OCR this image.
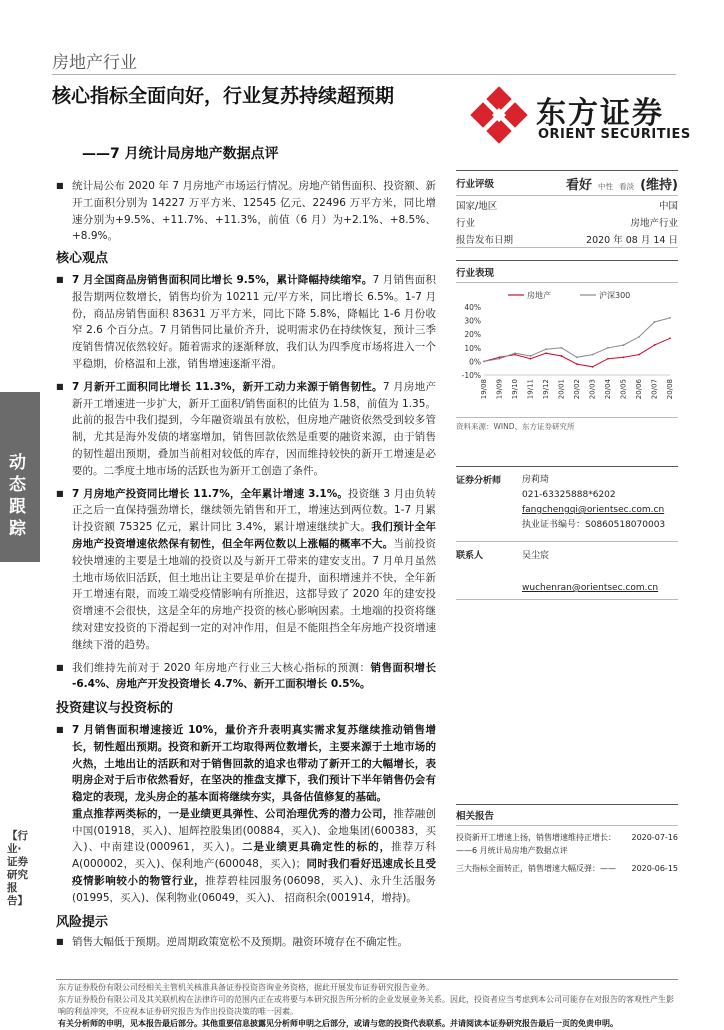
房地产行业
核心指标全面向好，行业复苏持续超预期
——7 月统计局房地产数据点评
东方证券
ORIENT SECURITIES
动态跟踪
【行业·证券研究报告】

■ 统计局公布 2020 年 7 月房地产市场运行情况。房地产销售面积、投资额、新开工面积分别为 14227 万平方米、12545 亿元、22496 万平方米，同比增速分别为+9.5%、+11.7%、+11.3%，前值（6 月）为+2.1%、+8.5%、+8.9%。

核心观点

■ 7 月全国商品房销售面积同比增长 9.5%，累计降幅持续缩窄。7 月销售面积报告期两位数增长，销售均价为 10211 元/平方米，同比增长 6.5%。1-7 月份，商品房销售面积 83631 万平方米，同比下降 5.8%，降幅比 1-6 月份收窄 2.6 个百分点。7 月销售同比量价齐升，说明需求仍在持续恢复，预计三季度销售情况依然较好。随着需求的逐渐释放，我们认为四季度市场将进入一个平稳期，价格温和上涨，销售增速逐渐平滑。

■ 7 月新开工面积同比增长 11.3%，新开工动力来源于销售韧性。7 月房地产新开工增速进一步扩大，新开工面积/销售面积的比值为 1.58，前值为 1.35。此前的报告中我们提到，今年融资端虽有放松，但房地产融资依然受到较多管制，尤其是海外发债的堵塞增加，销售回款依然是重要的融资来源，由于销售的韧性超出预期，叠加当前相对较低的库存，因而维持较快的新开工增速是必要的。二季度土地市场的活跃也为新开工创造了条件。

■ 7 月房地产投资同比增长 11.7%，全年累计增速 3.1%。投资继 3 月由负转正之后一直保持强劲增长，继续领先销售和开工，增速达到两位数。1-7 月累计投资额 75325 亿元，累计同比 3.4%，累计增速继续扩大。我们预计全年房地产投资增速依然保有韧性，但全年两位数以上涨幅的概率不大。当前投资较快增速的主要是土地端的投资以及与新开工带来的建安支出。7 月单月虽然土地市场依旧活跃，但土地出让主要是单价在提升，面积增速并不快，全年新开工增速有限，而竣工端受疫情影响有所推迟，这都导致了 2020 年的建安投资增速不会很快，这是全年的房地产投资的核心影响因素。土地端的投资将继续对建安投资的下滑起到一定的对冲作用，但是不能阻挡全年房地产投资增速继续下滑的趋势。

■ 我们维持先前对于 2020 年房地产行业三大核心指标的预测：销售面积增长 -6.4%、房地产开发投资增长 4.7%、新开工面积增长 0.5%。

投资建议与投资标的

■ 7 月销售面积增速接近 10%，量价齐升表明真实需求复苏继续推动销售增长，韧性超出预期。投资和新开工均取得两位数增长，主要来源于土地市场的火热，土地出让的活跃和对于销售回款的追求也带动了新开工的大幅增长，表明房企对于后市依然看好，在坚决的推盘支撑下，我们预计下半年销售仍会有稳定的表现，龙头房企的基本面将继续夯实，具备估值修复的基础。

重点推荐两类标的，一是业绩更具弹性、公司治理优秀的潜力公司，推荐融创中国(01918，买入)、旭辉控股集团(00884，买入)、金地集团(600383，买入)、中南建设(000961，买入)。二是业绩更具确定性的标的，推荐万科 A(000002，买入)、保利地产(600048，买入)；同时我们看好迅速成长且受疫情影响较小的物管行业，推荐碧桂园服务(06098，买入)、永升生活服务(01995，买入)、保利物业(06049，买入)、 招商积余(001914，增持)。

风险提示

■ 销售大幅低于预期。逆周期政策宽松不及预期。融资环境存在不确定性。

行业评级	看好 中性 看淡 (维持)
国家/地区	中国
行业	房地产行业
报告发布日期	2020 年 08 月 14 日
行业表现
房地产	沪深300
40%
30%
20%
10%
0%
-10%
19/08 19/09 19/10 19/11 19/12 20/01 20/02 20/03 20/04 20/05 20/06 20/07 20/08
资料来源：WIND、东方证券研究所
证券分析师	房莉琦
021-63325888*6202
fangchengqi@orientsec.com.cn
执业证书编号：S0860518070003
联系人	吴尘宸
wuchenran@orientsec.com.cn
相关报告
投资新开工增速上扬，销售增速维持正增长：——6 月统计局房地产数据点评
2020-07-16
三大指标全面转正，销售增速大幅反弹：——	2020-06-15
东方证券股份有限公司经相关主管机关核准具备证券投资咨询业务资格，据此开展发布证券研究报告业务。
东方证券股份有限公司及其关联机构在法律许可的范围内正在或将要与本研究报告所分析的企业发展业务关系。因此，投资者应当考虑到本公司可能存在对报告的客观性产生影响的利益冲突，不应视本证券研究报告为作出投资决策的唯一因素。
有关分析师的申明，见本报告最后部分。其他重要信息披露见分析师申明之后部分，或请与您的投资代表联系。并请阅读本证券研究报告最后一页的免责申明。
